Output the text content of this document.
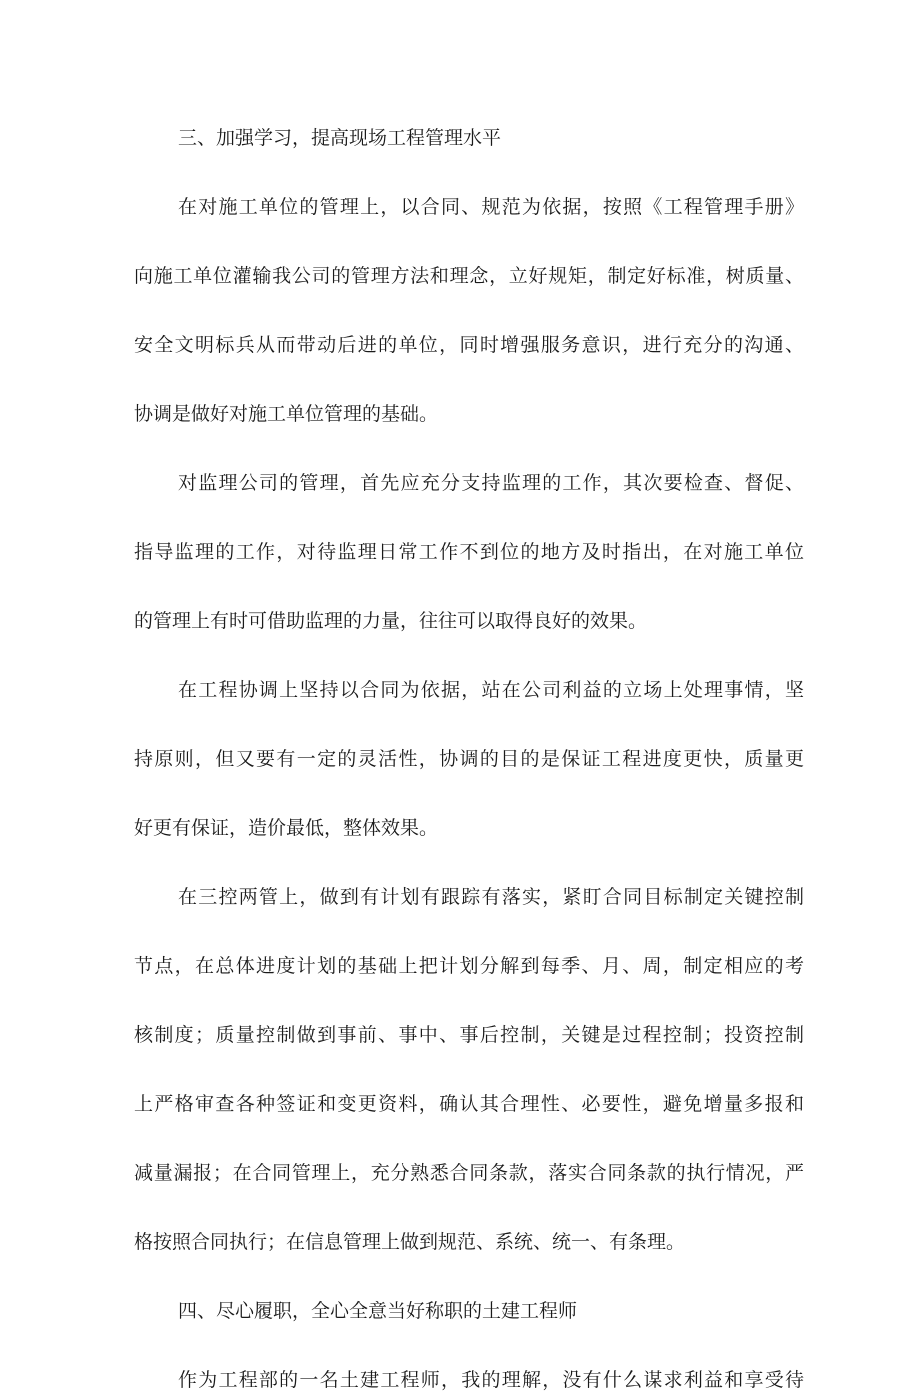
三、加强学习，提高现场工程管理水平
在对施工单位的管理上，以合同、规范为依据，按照《工程管理手册》
向施工单位灌输我公司的管理方法和理念，立好规矩，制定好标准，树质量、
安全文明标兵从而带动后进的单位，同时增强服务意识，进行充分的沟通、
协调是做好对施工单位管理的基础。
对监理公司的管理，首先应充分支持监理的工作，其次要检查、督促、
指导监理的工作，对待监理日常工作不到位的地方及时指出，在对施工单位
的管理上有时可借助监理的力量，往往可以取得良好的效果。
在工程协调上坚持以合同为依据，站在公司利益的立场上处理事情，坚
持原则，但又要有一定的灵活性，协调的目的是保证工程进度更快，质量更
好更有保证，造价最低，整体效果。
在三控两管上，做到有计划有跟踪有落实，紧盯合同目标制定关键控制
节点，在总体进度计划的基础上把计划分解到每季、月、周，制定相应的考
核制度；质量控制做到事前、事中、事后控制，关键是过程控制；投资控制
上严格审查各种签证和变更资料，确认其合理性、必要性，避免增量多报和
减量漏报；在合同管理上，充分熟悉合同条款，落实合同条款的执行情况，严
格按照合同执行；在信息管理上做到规范、系统、统一、有条理。
四、尽心履职，全心全意当好称职的土建工程师
作为工程部的一名土建工程师，我的理解，没有什么谋求利益和享受待
